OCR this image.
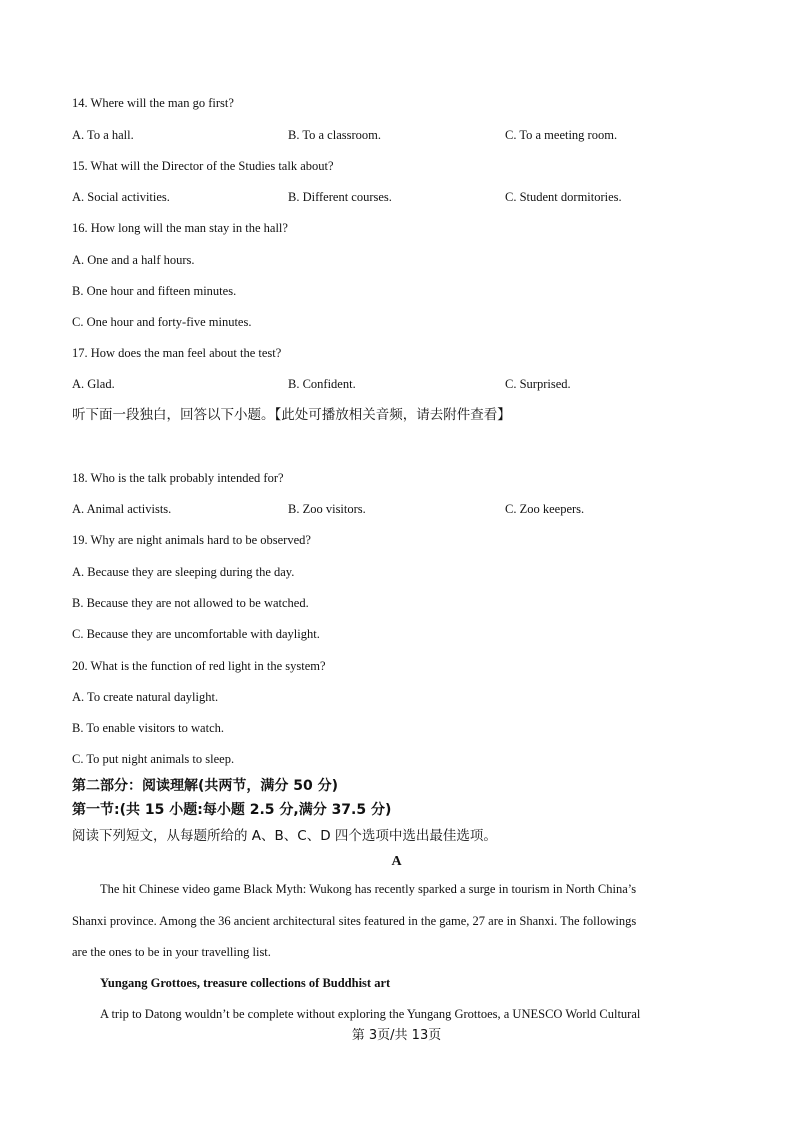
14. Where will the man go first?
A. To a hall.	B. To a classroom.	C. To a meeting room.
15. What will the Director of the Studies talk about?
A. Social activities.	B. Different courses.	C. Student dormitories.
16. How long will the man stay in the hall?
A. One and a half hours.
B. One hour and fifteen minutes.
C. One hour and forty-five minutes.
17. How does the man feel about the test?
A. Glad.	B. Confident.	C. Surprised.
听下面一段独白，回答以下小题。【此处可播放相关音频，请去附件查看】
18. Who is the talk probably intended for?
A. Animal activists.	B. Zoo visitors.	C. Zoo keepers.
19. Why are night animals hard to be observed?
A. Because they are sleeping during the day.
B. Because they are not allowed to be watched.
C. Because they are uncomfortable with daylight.
20. What is the function of red light in the system?
A. To create natural daylight.
B. To enable visitors to watch.
C. To put night animals to sleep.
第二部分：阅读理解(共两节，满分 50 分)
第一节:(共 15 小题:每小题 2.5 分,满分 37.5 分)
阅读下列短文，从每题所给的 A、B、C、D 四个选项中选出最佳选项。
A
The hit Chinese video game Black Myth: Wukong has recently sparked a surge in tourism in North China’s
Shanxi province. Among the 36 ancient architectural sites featured in the game, 27 are in Shanxi. The followings
are the ones to be in your travelling list.
Yungang Grottoes, treasure collections of Buddhist art
A trip to Datong wouldn’t be complete without exploring the Yungang Grottoes, a UNESCO World Cultural
第 3页/共 13页
